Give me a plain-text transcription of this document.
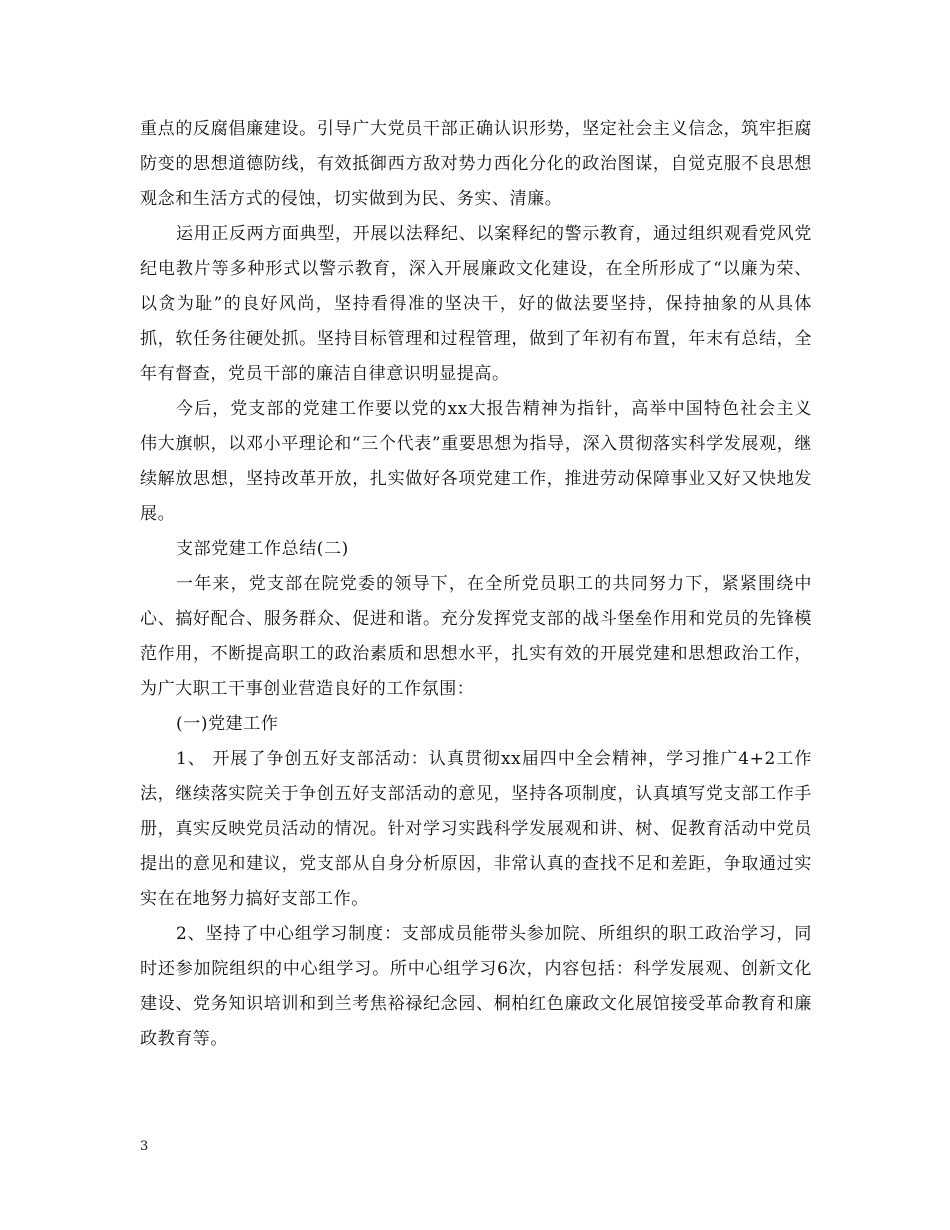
重点的反腐倡廉建设。引导广大党员干部正确认识形势，坚定社会主义信念，筑牢拒腐防变的思想道德防线，有效抵御西方敌对势力西化分化的政治图谋，自觉克服不良思想观念和生活方式的侵蚀，切实做到为民、务实、清廉。

运用正反两方面典型，开展以法释纪、以案释纪的警示教育，通过组织观看党风党纪电教片等多种形式以警示教育，深入开展廉政文化建设，在全所形成了“以廉为荣、以贪为耻”的良好风尚，坚持看得准的坚决干，好的做法要坚持，保持抽象的从具体抓，软任务往硬处抓。坚持目标管理和过程管理，做到了年初有布置，年末有总结，全年有督查，党员干部的廉洁自律意识明显提高。

今后，党支部的党建工作要以党的xx大报告精神为指针，高举中国特色社会主义伟大旗帜，以邓小平理论和“三个代表”重要思想为指导，深入贯彻落实科学发展观，继续解放思想，坚持改革开放，扎实做好各项党建工作，推进劳动保障事业又好又快地发展。

支部党建工作总结(二)

一年来，党支部在院党委的领导下，在全所党员职工的共同努力下，紧紧围绕中心、搞好配合、服务群众、促进和谐。充分发挥党支部的战斗堡垒作用和党员的先锋模范作用，不断提高职工的政治素质和思想水平，扎实有效的开展党建和思想政治工作，为广大职工干事创业营造良好的工作氛围：

(一)党建工作

1、 开展了争创五好支部活动：认真贯彻xx届四中全会精神，学习推广4+2工作法，继续落实院关于争创五好支部活动的意见，坚持各项制度，认真填写党支部工作手册，真实反映党员活动的情况。针对学习实践科学发展观和讲、树、促教育活动中党员提出的意见和建议，党支部从自身分析原因，非常认真的查找不足和差距，争取通过实实在在地努力搞好支部工作。

2、坚持了中心组学习制度：支部成员能带头参加院、所组织的职工政治学习，同时还参加院组织的中心组学习。所中心组学习6次，内容包括：科学发展观、创新文化建设、党务知识培训和到兰考焦裕禄纪念园、桐柏红色廉政文化展馆接受革命教育和廉政教育等。

3
